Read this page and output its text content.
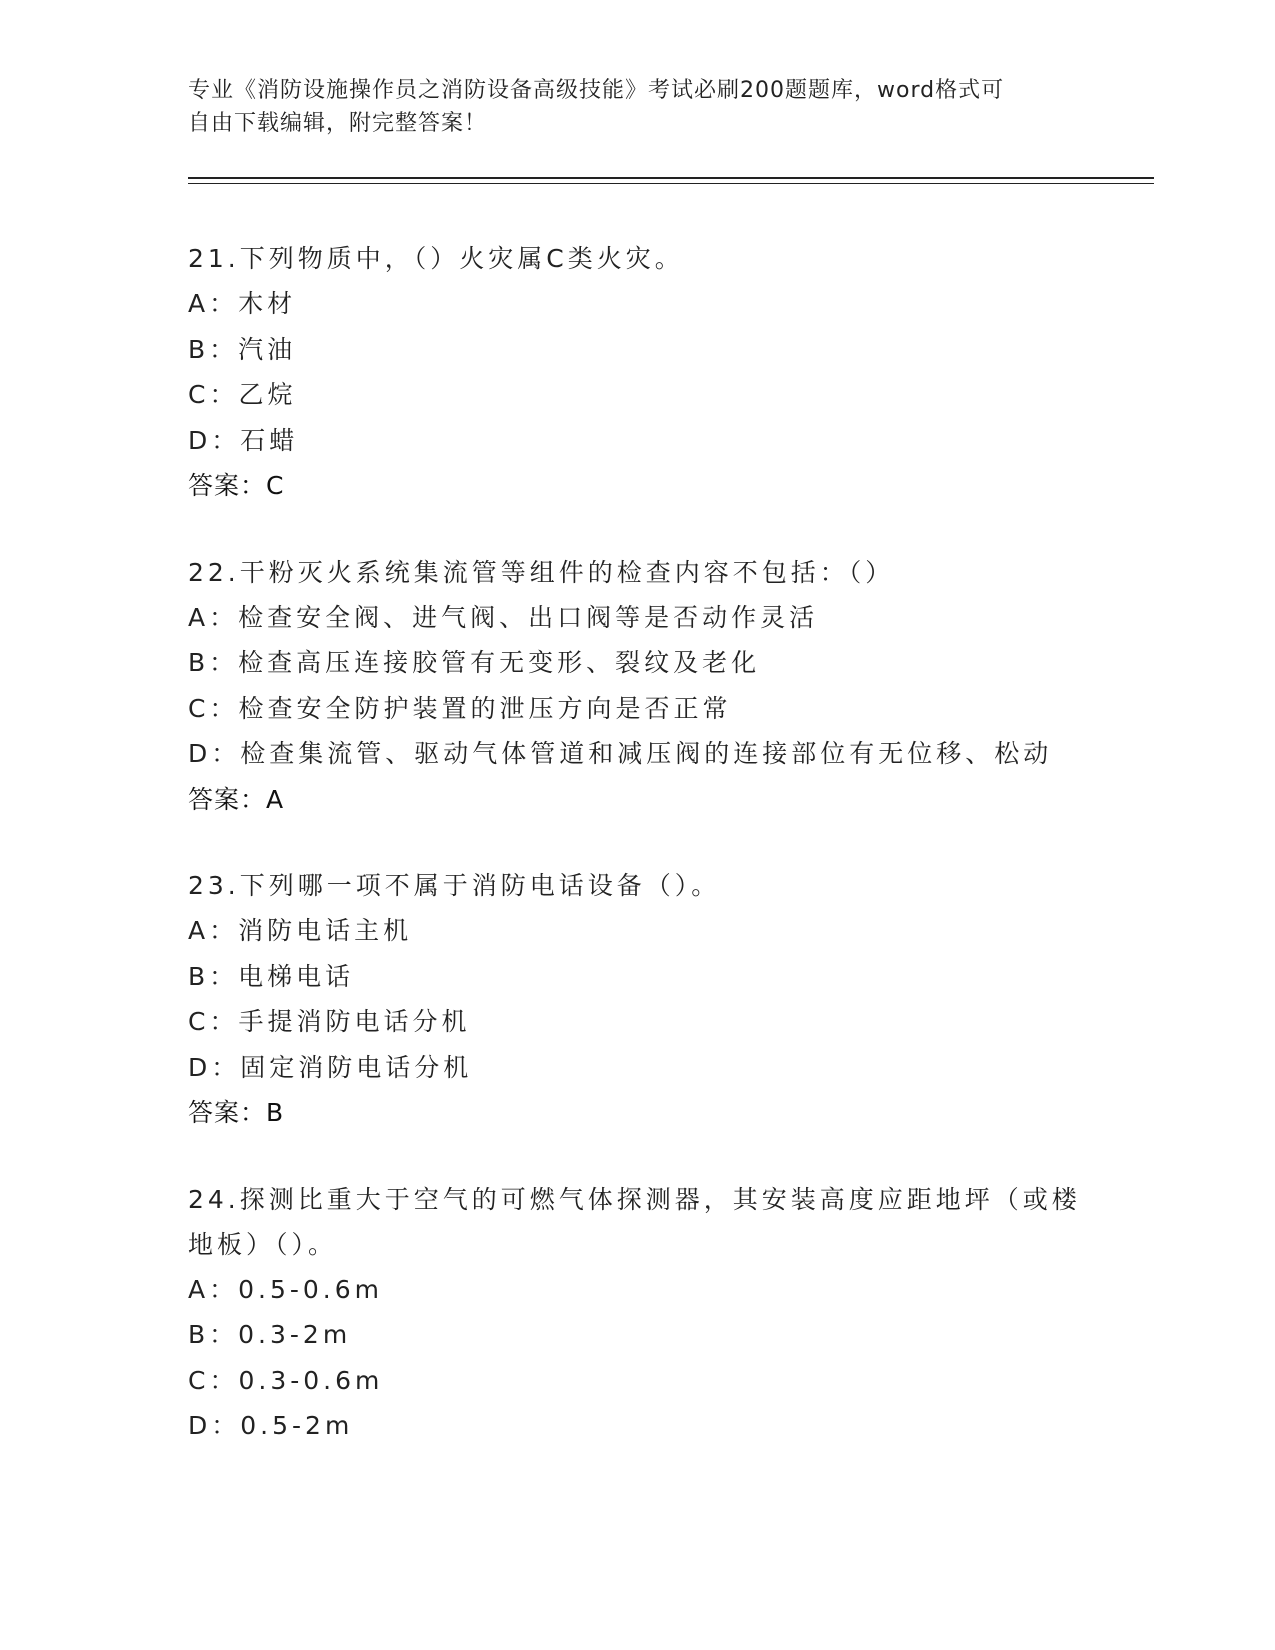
专业《消防设施操作员之消防设备高级技能》考试必刷200题题库，word格式可
自由下载编辑，附完整答案！
21.下列物质中，（）火灾属C类火灾。
A：木材
B：汽油
C：乙烷
D：石蜡
答案：C
22.干粉灭火系统集流管等组件的检查内容不包括：（）
A：检查安全阀、进气阀、出口阀等是否动作灵活
B：检查高压连接胶管有无变形、裂纹及老化
C：检查安全防护装置的泄压方向是否正常
D：检查集流管、驱动气体管道和减压阀的连接部位有无位移、松动
答案：A
23.下列哪一项不属于消防电话设备（）。
A：消防电话主机
B：电梯电话
C：手提消防电话分机
D：固定消防电话分机
答案：B
24.探测比重大于空气的可燃气体探测器，其安装高度应距地坪（或楼地板）（）。
A：0.5-0.6m
B：0.3-2m
C：0.3-0.6m
D：0.5-2m
